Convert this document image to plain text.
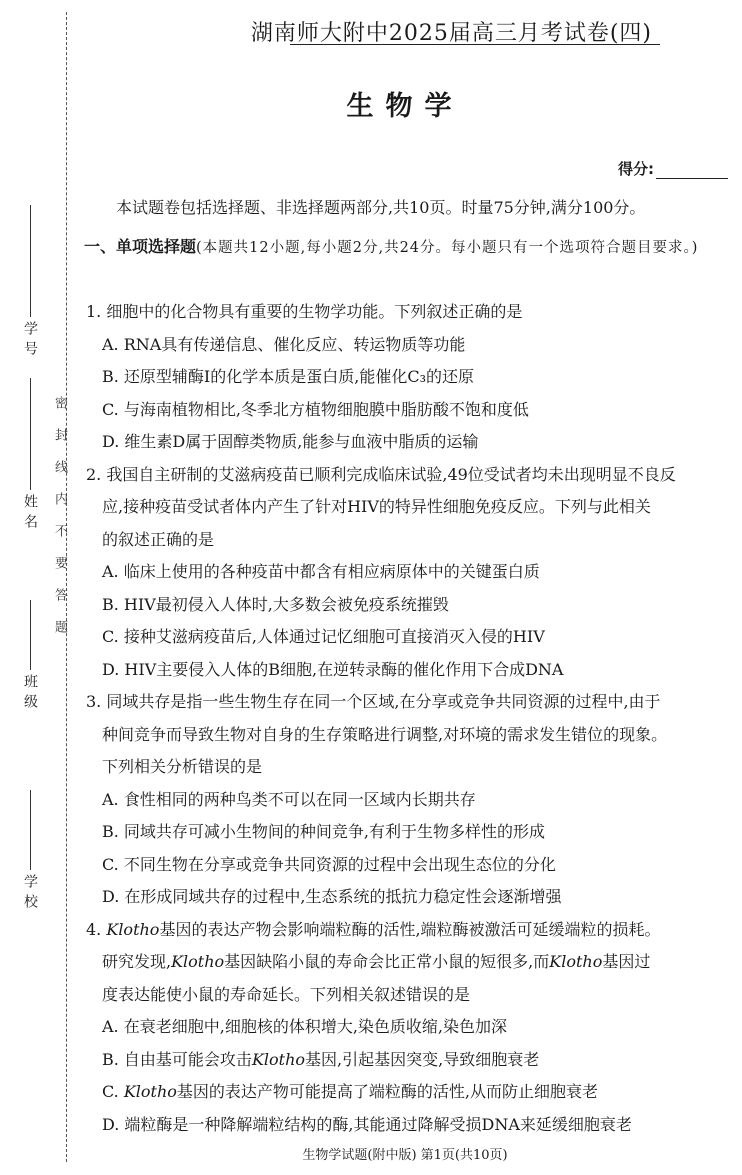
学号
姓名
班级
学校
密封线内不要答题
湖南师大附中2025届高三月考试卷(四)
生物学
得分:
本试题卷包括选择题、非选择题两部分,共10页。时量75分钟,满分100分。
一、单项选择题(本题共12小题,每小题2分,共24分。每小题只有一个选项符合题目要求。)
1. 细胞中的化合物具有重要的生物学功能。下列叙述正确的是
A. RNA具有传递信息、催化反应、转运物质等功能
B. 还原型辅酶Ⅰ的化学本质是蛋白质,能催化C₃的还原
C. 与海南植物相比,冬季北方植物细胞膜中脂肪酸不饱和度低
D. 维生素D属于固醇类物质,能参与血液中脂质的运输
2. 我国自主研制的艾滋病疫苗已顺利完成临床试验,49位受试者均未出现明显不良反
应,接种疫苗受试者体内产生了针对HIV的特异性细胞免疫反应。下列与此相关
的叙述正确的是
A. 临床上使用的各种疫苗中都含有相应病原体中的关键蛋白质
B. HIV最初侵入人体时,大多数会被免疫系统摧毁
C. 接种艾滋病疫苗后,人体通过记忆细胞可直接消灭入侵的HIV
D. HIV主要侵入人体的B细胞,在逆转录酶的催化作用下合成DNA
3. 同域共存是指一些生物生存在同一个区域,在分享或竞争共同资源的过程中,由于
种间竞争而导致生物对自身的生存策略进行调整,对环境的需求发生错位的现象。
下列相关分析错误的是
A. 食性相同的两种鸟类不可以在同一区域内长期共存
B. 同域共存可减小生物间的种间竞争,有利于生物多样性的形成
C. 不同生物在分享或竞争共同资源的过程中会出现生态位的分化
D. 在形成同域共存的过程中,生态系统的抵抗力稳定性会逐渐增强
4. Klotho基因的表达产物会影响端粒酶的活性,端粒酶被激活可延缓端粒的损耗。
研究发现,Klotho基因缺陷小鼠的寿命会比正常小鼠的短很多,而Klotho基因过
度表达能使小鼠的寿命延长。下列相关叙述错误的是
A. 在衰老细胞中,细胞核的体积增大,染色质收缩,染色加深
B. 自由基可能会攻击Klotho基因,引起基因突变,导致细胞衰老
C. Klotho基因的表达产物可能提高了端粒酶的活性,从而防止细胞衰老
D. 端粒酶是一种降解端粒结构的酶,其能通过降解受损DNA来延缓细胞衰老
生物学试题(附中版) 第1页(共10页)
